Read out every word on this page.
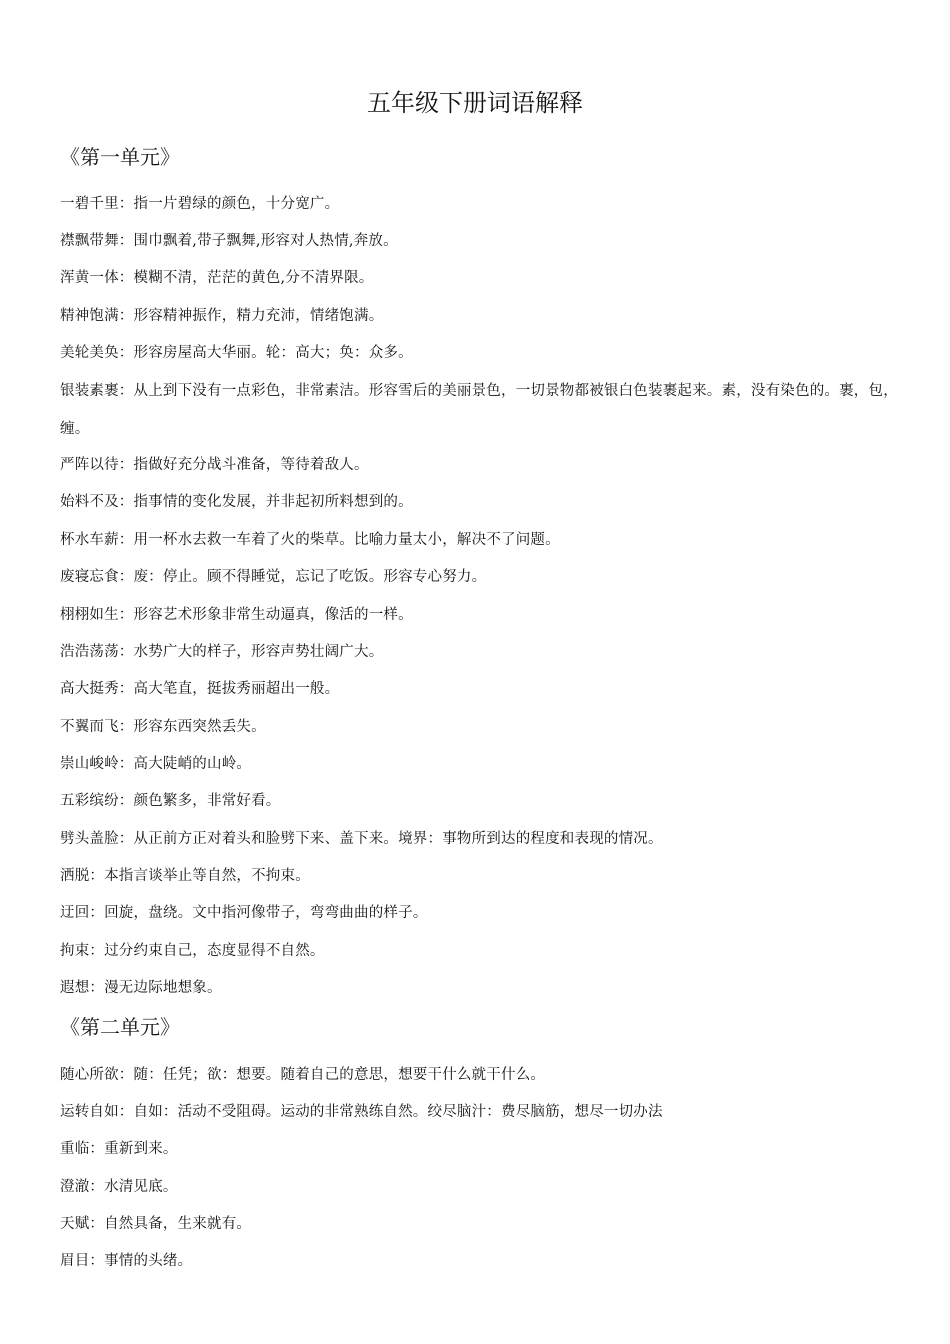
五年级下册词语解释
《第一单元》

一碧千里：指一片碧绿的颜色，十分宽广。

襟飘带舞：围巾飘着,带子飘舞,形容对人热情,奔放。

浑黄一体：模糊不清，茫茫的黄色,分不清界限。

精神饱满：形容精神振作，精力充沛，情绪饱满。

美轮美奂：形容房屋高大华丽。轮：高大；奂：众多。

银装素裹：从上到下没有一点彩色，非常素洁。形容雪后的美丽景色，一切景物都被银白色装裹起来。素，没有染色的。裹，包，缠。

严阵以待：指做好充分战斗准备，等待着敌人。

始料不及：指事情的变化发展，并非起初所料想到的。

杯水车薪：用一杯水去救一车着了火的柴草。比喻力量太小，解决不了问题。

废寝忘食：废：停止。顾不得睡觉，忘记了吃饭。形容专心努力。

栩栩如生：形容艺术形象非常生动逼真，像活的一样。

浩浩荡荡：水势广大的样子，形容声势壮阔广大。

高大挺秀：高大笔直，挺拔秀丽超出一般。

不翼而飞：形容东西突然丢失。

崇山峻岭：高大陡峭的山岭。

五彩缤纷：颜色繁多，非常好看。

劈头盖脸：从正前方正对着头和脸劈下来、盖下来。境界：事物所到达的程度和表现的情况。

洒脱：本指言谈举止等自然，不拘束。

迂回：回旋，盘绕。文中指河像带子，弯弯曲曲的样子。

拘束：过分约束自己，态度显得不自然。

遐想：漫无边际地想象。

《第二单元》

随心所欲：随：任凭；欲：想要。随着自己的意思，想要干什么就干什么。

运转自如：自如：活动不受阻碍。运动的非常熟练自然。绞尽脑汁：费尽脑筋，想尽一切办法

重临：重新到来。

澄澈：水清见底。

天赋：自然具备，生来就有。

眉目：事情的头绪。
